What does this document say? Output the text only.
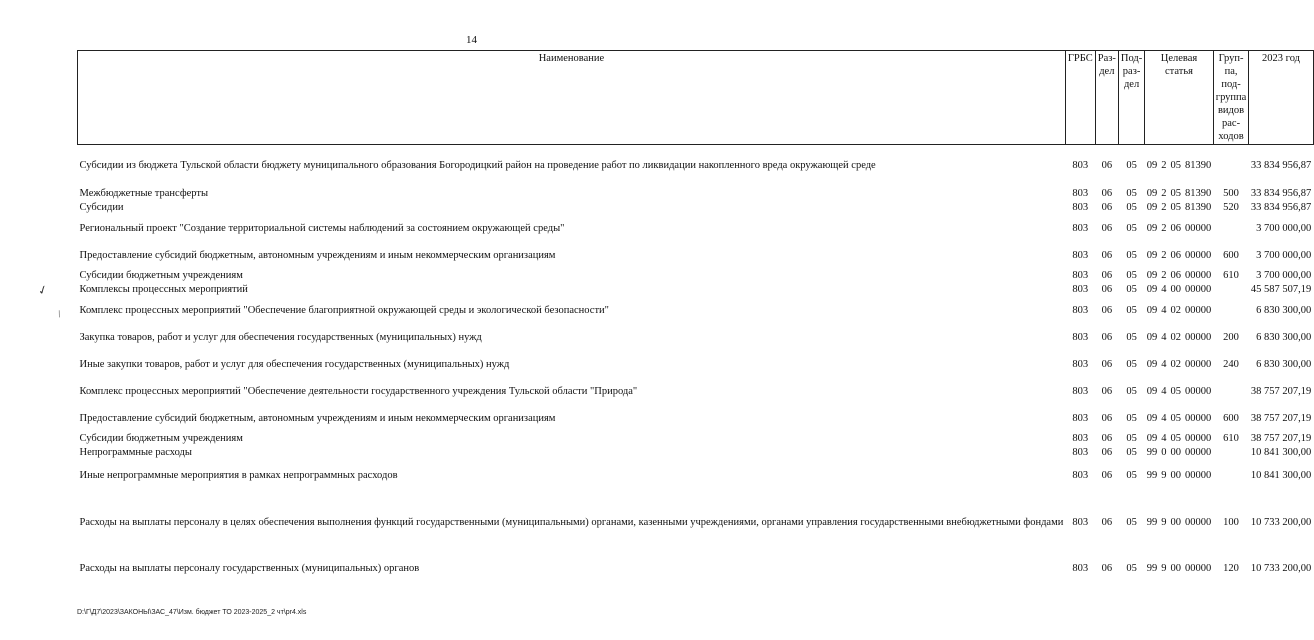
14
✓
/
Наименование	ГРБС	Раз-дел	Под-раз-дел	Целевая статья				Груп-па, под-группа видов рас-ходов	2023 год
Субсидии из бюджета Тульской области бюджету муниципального образования Богородицкий район на проведение работ по ликвидации накопленного вреда окружающей среде	803	06	05	09	2	05	81390		33 834 956,87
Межбюджетные трансферты	803	06	05	09	2	05	81390	500	33 834 956,87
Субсидии	803	06	05	09	2	05	81390	520	33 834 956,87
Региональный проект "Создание территориальной системы наблюдений за состоянием окружающей среды"	803	06	05	09	2	06	00000		3 700 000,00
Предоставление субсидий бюджетным, автономным учреждениям и иным некоммерческим организациям	803	06	05	09	2	06	00000	600	3 700 000,00
Субсидии бюджетным учреждениям	803	06	05	09	2	06	00000	610	3 700 000,00
Комплексы процессных мероприятий	803	06	05	09	4	00	00000		45 587 507,19
Комплекс процессных мероприятий "Обеспечение благоприятной окружающей среды и экологической безопасности"	803	06	05	09	4	02	00000		6 830 300,00
Закупка товаров, работ и услуг для обеспечения государственных (муниципальных) нужд	803	06	05	09	4	02	00000	200	6 830 300,00
Иные закупки товаров, работ и услуг для обеспечения государственных (муниципальных) нужд	803	06	05	09	4	02	00000	240	6 830 300,00
Комплекс процессных мероприятий "Обеспечение деятельности государственного учреждения Тульской области "Природа"	803	06	05	09	4	05	00000		38 757 207,19
Предоставление субсидий бюджетным, автономным учреждениям и иным некоммерческим организациям	803	06	05	09	4	05	00000	600	38 757 207,19
Субсидии бюджетным учреждениям	803	06	05	09	4	05	00000	610	38 757 207,19
Непрограммные расходы	803	06	05	99	0	00	00000		10 841 300,00
Иные непрограммные мероприятия в рамках непрограммных расходов	803	06	05	99	9	00	00000		10 841 300,00
Расходы на выплаты персоналу в целях обеспечения выполнения функций государственными (муниципальными) органами, казенными учреждениями, органами управления государственными внебюджетными фондами	803	06	05	99	9	00	00000	100	10 733 200,00
Расходы на выплаты персоналу государственных (муниципальных) органов	803	06	05	99	9	00	00000	120	10 733 200,00
D:\Г\Д7\2023\ЗАКОНЫ\ЗАС_47\Изм. бюджет ТО 2023-2025_2 чт\pr4.xls
